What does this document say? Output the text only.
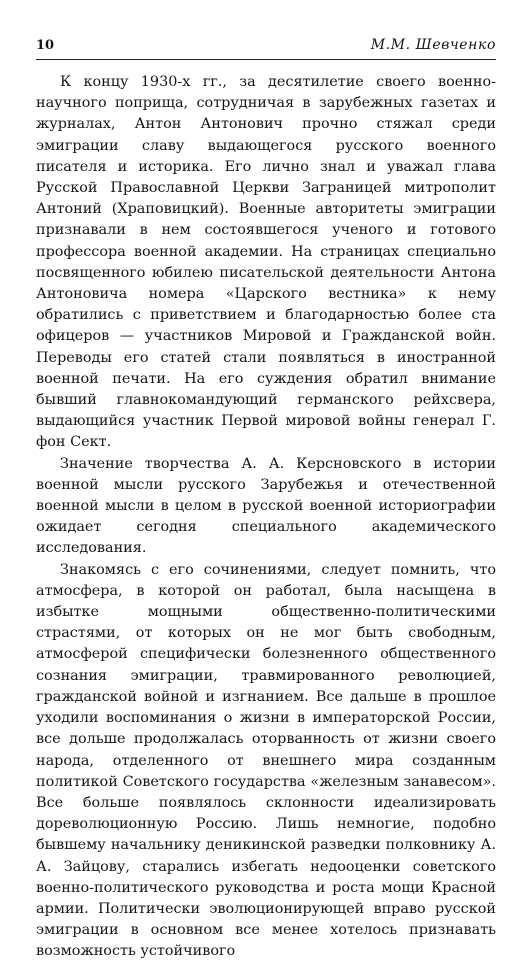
10	М.М. Шевченко

К концу 1930-х гг., за десятилетие своего военно-научного поприща, сотрудничая в зарубежных газетах и журналах, Антон Антонович прочно стяжал среди эмиграции славу выдающегося русского военного писателя и историка. Его лично знал и уважал глава Русской Православной Церкви Заграницей митрополит Антоний (Храповицкий). Военные авторитеты эмиграции признавали в нем состоявшегося ученого и готового профессора военной академии. На страницах специально посвященного юбилею писательской деятельности Антона Антоновича номера «Царского вестника» к нему обратились с приветствием и благодарностью более ста офицеров — участников Мировой и Гражданской войн. Переводы его статей стали появляться в иностранной военной печати. На его суждения обратил внимание бывший главнокомандующий германского рейхсвера, выдающийся участник Первой мировой войны генерал Г. фон Сект.

Значение творчества А. А. Керсновского в истории военной мысли русского Зарубежья и отечественной военной мысли в целом в русской военной историографии ожидает сегодня специального академического исследования.

Знакомясь с его сочинениями, следует помнить, что атмосфера, в которой он работал, была насыщена в избытке мощными общественно-политическими страстями, от которых он не мог быть свободным, атмосферой специфически болезненного общественного сознания эмиграции, травмированного революцией, гражданской войной и изгнанием. Все дальше в прошлое уходили воспоминания о жизни в императорской России, все дольше продолжалась оторванность от жизни своего народа, отделенного от внешнего мира созданным политикой Советского государства «железным занавесом». Все больше появлялось склонности идеализировать дореволюционную Россию. Лишь немногие, подобно бывшему начальнику деникинской разведки полковнику А. А. Зайцову, старались избегать недооценки советского военно-политического руководства и роста мощи Красной армии. Политически эволюционирующей вправо русской эмиграции в основном все менее хотелось признавать возможность устойчивого
